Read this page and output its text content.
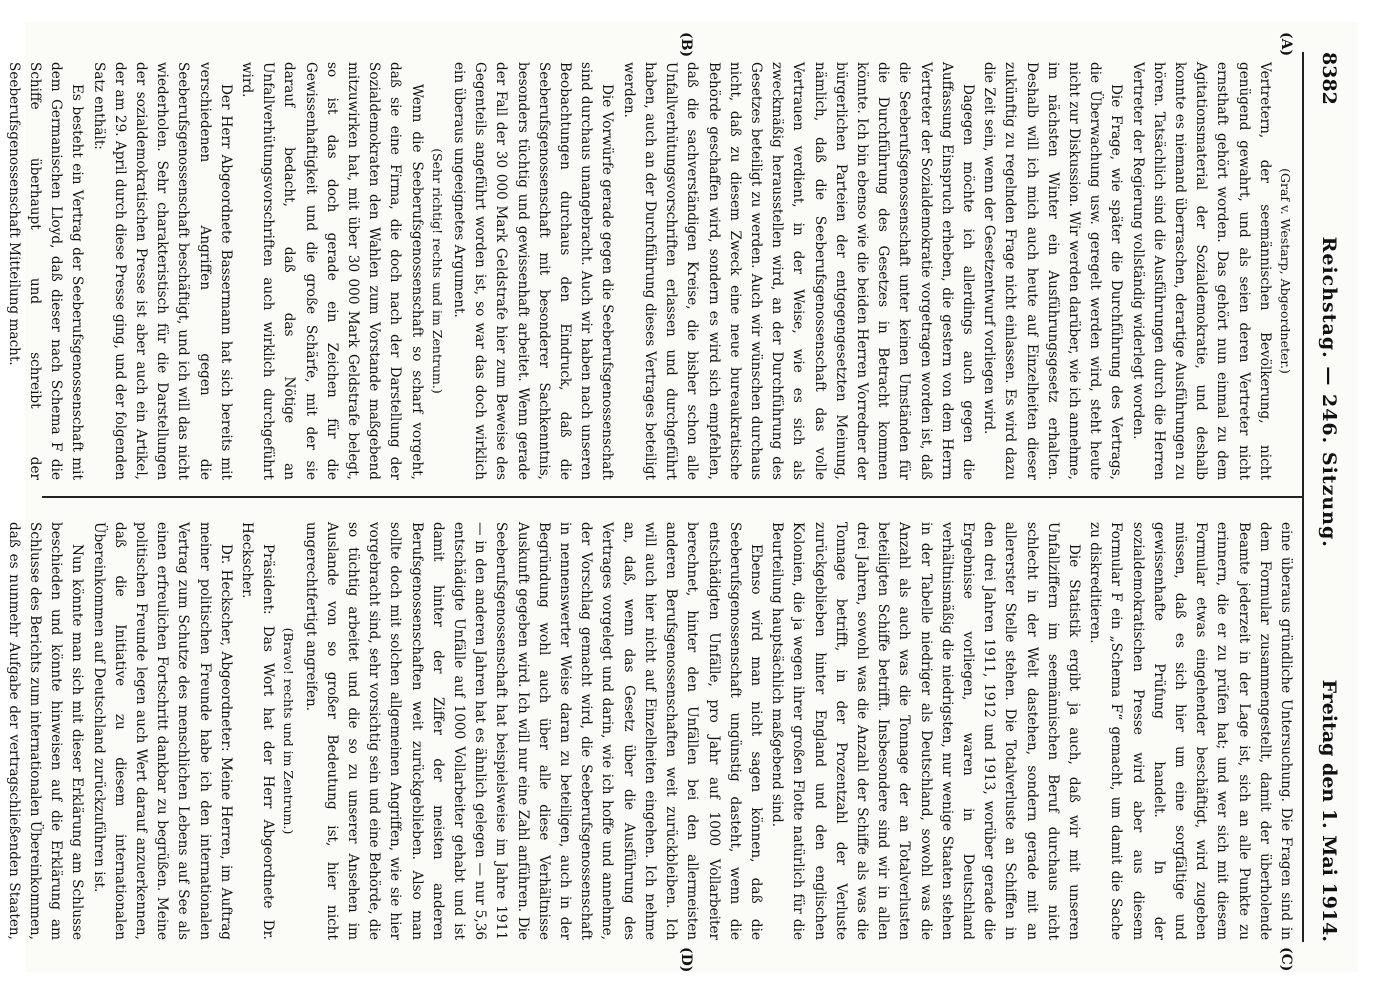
8382
Reichstag. — 246. Sitzung.
Freitag den 1. Mai 1914.
(A)
(B)
(C)
(D)

(Graf v. Westarp, Abgeordneter.)

Vertretern, der seemännischen Bevölkerung, nicht genügend gewahrt, und als seien deren Vertreter nicht ernsthaft gehört worden. Das gehört nun einmal zu dem Agitationsmaterial der Sozialdemokratie, und deshalb konnte es niemand überraschen, derartige Ausführungen zu hören. Tatsächlich sind die Ausführungen durch die Herren Vertreter der Regierung vollständig widerlegt worden.

Die Frage, wie später die Durchführung des Vertrags, die Überwachung usw. geregelt werden wird, steht heute nicht zur Diskussion. Wir werden darüber, wie ich annehme, im nächsten Winter ein Ausführungsgesetz erhalten. Deshalb will ich mich auch heute auf Einzelheiten dieser zukünftig zu regelnden Frage nicht einlassen. Es wird dazu die Zeit sein, wenn der Gesetzentwurf vorliegen wird.

Dagegen möchte ich allerdings auch gegen die Auffassung Einspruch erheben, die gestern von dem Herrn Vertreter der Sozialdemokratie vorgetragen worden ist, daß die Seeberufsgenossenschaft unter keinen Umständen für die Durchführung des Gesetzes in Betracht kommen könnte. Ich bin ebenso wie die beiden Herren Vorredner der bürgerlichen Parteien der entgegengesetzten Meinung, nämlich, daß die Seeberufsgenossenschaft das volle Vertrauen verdient, in der Weise, wie es sich als zweckmäßig herausstellen wird, an der Durchführung des Gesetzes beteiligt zu werden. Auch wir wünschen durchaus nicht, daß zu diesem Zweck eine neue bureaukratische Behörde geschaffen wird, sondern es wird sich empfehlen, daß die sachverständigen Kreise, die bisher schon alle Unfallverhütungsvorschriften erlassen und durchgeführt haben, auch an der Durchführung dieses Vertrages beteiligt werden.

Die Vorwürfe gerade gegen die Seeberufsgenossenschaft sind durchaus unangebracht. Auch wir haben nach unseren Beobachtungen durchaus den Eindruck, daß die Seeberufsgenossenschaft mit besonderer Sachkenntnis, besonders tüchtig und gewissenhaft arbeitet. Wenn gerade der Fall der 30 000 Mark Geldstrafe hier zum Beweise des Gegenteils angeführt worden ist, so war das doch wirklich ein überaus ungeeignetes Argument.

(Sehr richtig! rechts und im Zentrum.)

Wenn die Seeberufsgenossenschaft so scharf vorgeht, daß sie eine Firma, die doch nach der Darstellung der Sozialdemokraten den Wahlen zum Vorstande maßgebend mitzuwirken hat, mit über 30 000 Mark Geldstrafe belegt, so ist das doch gerade ein Zeichen für die Gewissenhaftigkeit und die große Schärfe, mit der sie darauf bedacht, daß das Nötige an Unfallverhütungsvorschriften auch wirklich durchgeführt wird.

Der Herr Abgeordnete Bassermann hat sich bereits mit verschiedenen Angriffen gegen die Seeberufsgenossenschaft beschäftigt, und ich will das nicht wiederholen. Sehr charakteristisch für die Darstellungen der sozialdemokratischen Presse ist aber auch ein Artikel, der am 29. April durch diese Presse ging, und der folgenden Satz enthält:

Es besteht ein Vertrag der Seeberufsgenossenschaft mit dem Germanischen Lloyd, daß dieser nach Schema F die Schiffe überhaupt und schreibt der Seeberufsgenossenschaft Mitteilung macht.

eine überaus gründliche Untersuchung. Die Fragen sind in dem Formular zusammengestellt, damit der überholende Beamte jederzeit in der Lage ist, sich an alle Punkte zu erinnern, die er zu prüfen hat; und wer sich mit diesem Formular etwas eingehender beschäftigt, wird zugeben müssen, daß es sich hier um eine sorgfältige und gewissenhafte Prüfung handelt. In der sozialdemokratischen Presse wird aber aus diesem Formular F ein „Schema F“ gemacht, um damit die Sache zu diskreditieren.

Die Statistik ergibt ja auch, daß wir mit unseren Unfallziffern im seemännischen Beruf durchaus nicht schlecht in der Welt dastehen, sondern gerade mit an allererster Stelle stehen. Die Totalverluste an Schiffen in den drei Jahren 1911, 1912 und 1913, worüber gerade die Ergebnisse vorliegen, waren in Deutschland verhältnismäßig die niedrigsten, nur wenige Staaten stehen in der Tabelle niedriger als Deutschland, sowohl was die Anzahl als auch was die Tonnage der an Totalverlusten beteiligten Schiffe betrifft. Insbesondere sind wir in allen drei Jahren, sowohl was die Anzahl der Schiffe als was die Tonnage betrifft, in der Prozentzahl der Verluste zurückgeblieben hinter England und den englischen Kolonien, die ja wegen ihrer großen Flotte natürlich für die Beurteilung hauptsächlich maßgebend sind.

Ebenso wird man nicht sagen können, daß die Seeberufsgenossenschaft ungünstig dasteht, wenn die entschädigten Unfälle, pro Jahr auf 1000 Vollarbeiter berechnet, hinter den Unfällen bei den allermeisten anderen Berufsgenossenschaften weit zurückbleiben. Ich will auch hier nicht auf Einzelheiten eingehen. Ich nehme an, daß, wenn das Gesetz über die Ausführung des Vertrages vorgelegt und darin, wie ich hoffe und annehme, der Vorschlag gemacht wird, die Seeberufsgenossenschaft in nennenswerter Weise daran zu beteiligen, auch in der Begründung wohl auch über alle diese Verhältnisse Auskunft gegeben wird. Ich will nur eine Zahl anführen. Die Seeberufsgenossenschaft hat beispielsweise im Jahre 1911 — in den anderen Jahren hat es ähnlich gelegen — nur 5,36 entschädigte Unfälle auf 1000 Vollarbeiter gehabt und ist damit hinter der Ziffer der meisten anderen Berufsgenossenschaften weit zurückgeblieben. Also man sollte doch mit solchen allgemeinen Angriffen, wie sie hier vorgebracht sind, sehr vorsichtig sein und eine Behörde, die so tüchtig arbeitet und die so zu unserer Ansehen im Auslande von so großer Bedeutung ist, hier nicht ungerechtfertigt angreifen.

(Bravo! rechts und im Zentrum.)

Präsident: Das Wort hat der Herr Abgeordnete Dr. Heckscher.

Dr. Heckscher, Abgeordneter: Meine Herren, im Auftrag meiner politischen Freunde habe ich den internationalen Vertrag zum Schutze des menschlichen Lebens auf See als einen erfreulichen Fortschritt dankbar zu begrüßen. Meine politischen Freunde legen auch Wert darauf anzuerkennen, daß die Initiative zu diesem internationalen Übereinkommen auf Deutschland zurückzuführen ist.

Nun könnte man sich mit dieser Erklärung am Schlusse beschieden und könnte hinweisen auf die Erklärung am Schlusse des Berichts zum internationalen Übereinkommen, daß es nunmehr Aufgabe der vertragschließenden Staaten,
